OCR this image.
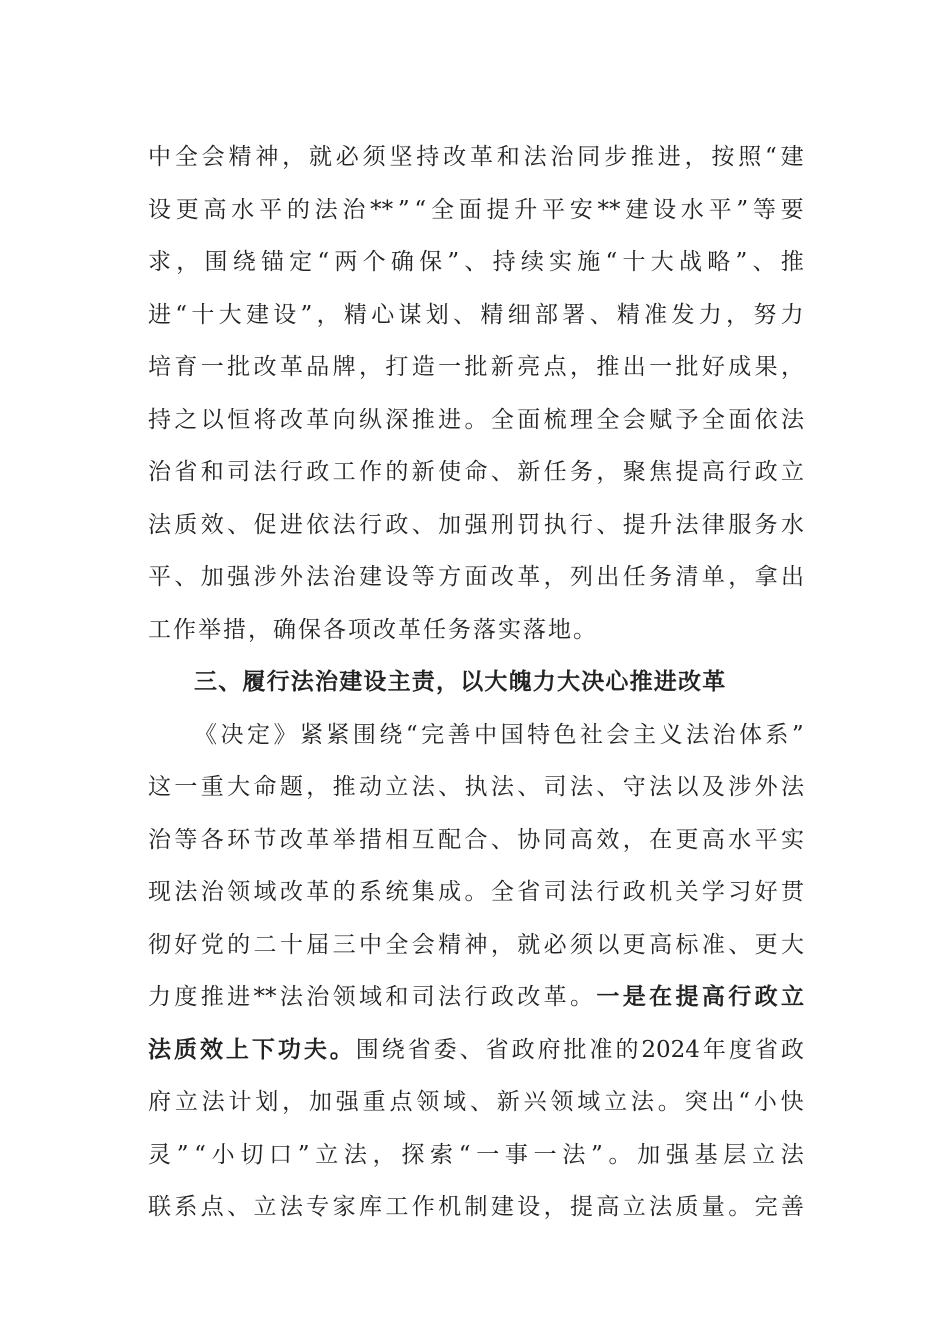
中 全 会 精 神 ， 就 必 须 坚 持 改 革 和 法 治 同 步 推 进 ， 按 照 “ 建
设 更 高 水 平 的 法 治 ** ” “ 全 面 提 升 平 安 ** 建 设 水 平 ” 等 要
求 ， 围 绕 锚 定 “ 两 个 确 保 ” 、 持 续 实 施 “ 十 大 战 略 ” 、 推
进 “ 十 大 建 设 ” ， 精 心 谋 划 、 精 细 部 署 、 精 准 发 力 ， 努 力
培 育 一 批 改 革 品 牌 ， 打 造 一 批 新 亮 点 ， 推 出 一 批 好 成 果 ，
持 之 以 恒 将 改 革 向 纵 深 推 进 。 全 面 梳 理 全 会 赋 予 全 面 依 法
治 省 和 司 法 行 政 工 作 的 新 使 命 、 新 任 务 ， 聚 焦 提 高 行 政 立
法 质 效 、 促 进 依 法 行 政 、 加 强 刑 罚 执 行 、 提 升 法 律 服 务 水
平 、 加 强 涉 外 法 治 建 设 等 方 面 改 革 ， 列 出 任 务 清 单 ， 拿 出
工作举措，确保各项改革任务落实落地。
三、履行法治建设主责，以大魄力大决心推进改革
《 决 定 》 紧 紧 围 绕 “ 完 善 中 国 特 色 社 会 主 义 法 治 体 系 ”
这 一 重 大 命 题 ， 推 动 立 法 、 执 法 、 司 法 、 守 法 以 及 涉 外 法
治 等 各 环 节 改 革 举 措 相 互 配 合 、 协 同 高 效 ， 在 更 高 水 平 实
现 法 治 领 域 改 革 的 系 统 集 成 。 全 省 司 法 行 政 机 关 学 习 好 贯
彻 好 党 的 二 十 届 三 中 全 会 精 神 ， 就 必 须 以 更 高 标 准 、 更 大
力 度 推 进 ** 法 治 领 域 和 司 法 行 政 改 革 。 一 是 在 提 高 行 政 立
法 质 效 上 下 功 夫 。 围 绕 省 委 、 省 政 府 批 准 的 2024 年 度 省 政
府 立 法 计 划 ， 加 强 重 点 领 域 、 新 兴 领 域 立 法 。 突 出 “ 小 快
灵 ” “ 小 切 口 ” 立 法 ， 探 索 “ 一 事 一 法 ” 。 加 强 基 层 立 法
联 系 点 、 立 法 专 家 库 工 作 机 制 建 设 ， 提 高 立 法 质 量 。 完 善
